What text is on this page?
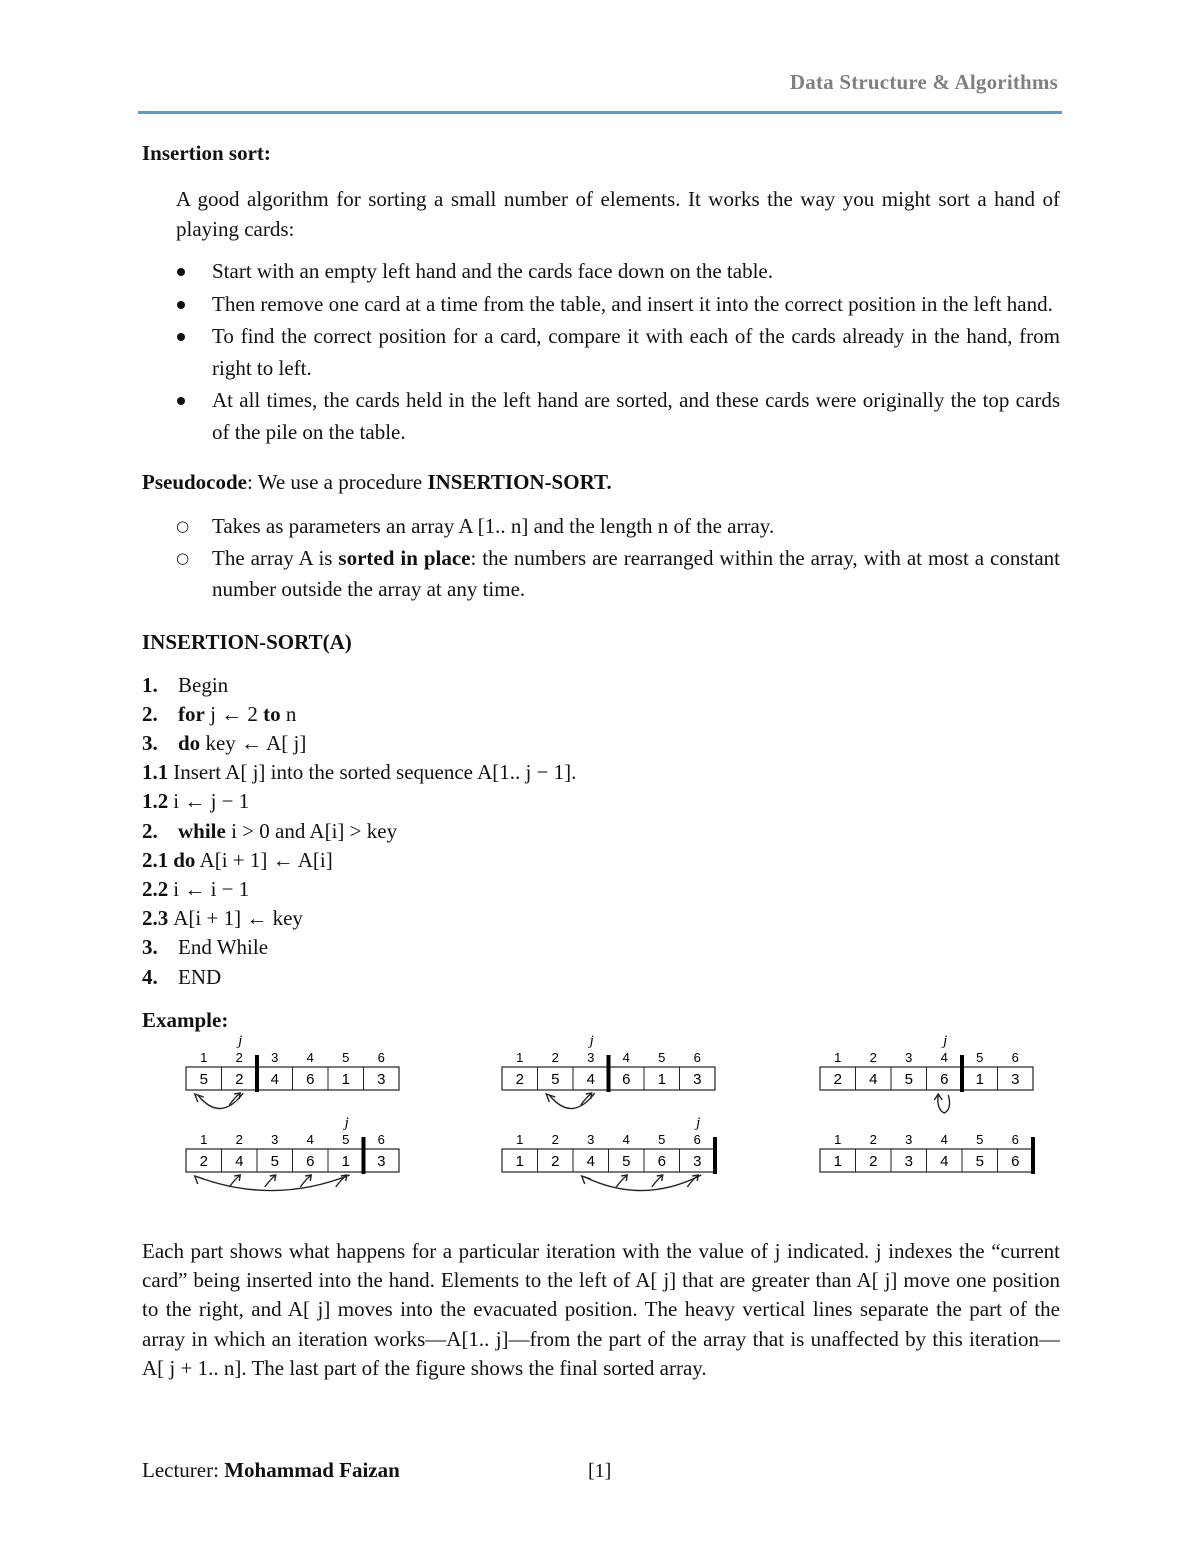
Data Structure & Algorithms

Insertion sort:

A good algorithm for sorting a small number of elements. It works the way you might sort a hand of playing cards:

Start with an empty left hand and the cards face down on the table.
Then remove one card at a time from the table, and insert it into the correct position in the left hand.
To find the correct position for a card, compare it with each of the cards already in the hand, from right to left.
At all times, the cards held in the left hand are sorted, and these cards were originally the top cards of the pile on the table.

Pseudocode: We use a procedure INSERTION-SORT.

○ Takes as parameters an array A [1.. n] and the length n of the array.
○ The array A is sorted in place: the numbers are rearranged within the array, with at most a constant number outside the array at any time.

INSERTION-SORT(A)

1. Begin
2. for j ← 2 to n
3. do key ← A[ j]
1.1 Insert A[ j] into the sorted sequence A[1.. j − 1].
1.2 i ← j − 1
2. while i > 0 and A[i] > key
2.1 do A[i + 1] ← A[i]
2.2 i ← i − 1
2.3 A[i + 1] ← key
3. End While
4. END

Example:

1 2 3 4 5 6
5 2 4 6 1 3
j
1 2 3 4 5 6
2 5 4 6 1 3
j
1 2 3 4 5 6
2 4 5 6 1 3
j
1 2 3 4 5 6
2 4 5 6 1 3
j
1 2 3 4 5 6
1 2 4 5 6 3
j
1 2 3 4 5 6
1 2 3 4 5 6

Each part shows what happens for a particular iteration with the value of j indicated. j indexes the “current card” being inserted into the hand. Elements to the left of A[ j] that are greater than A[ j] move one position to the right, and A[ j] moves into the evacuated position. The heavy vertical lines separate the part of the array in which an iteration works—A[1.. j]—from the part of the array that is unaffected by this iteration—A[ j + 1.. n]. The last part of the figure shows the final sorted array.

Lecturer: Mohammad Faizan	[1]
